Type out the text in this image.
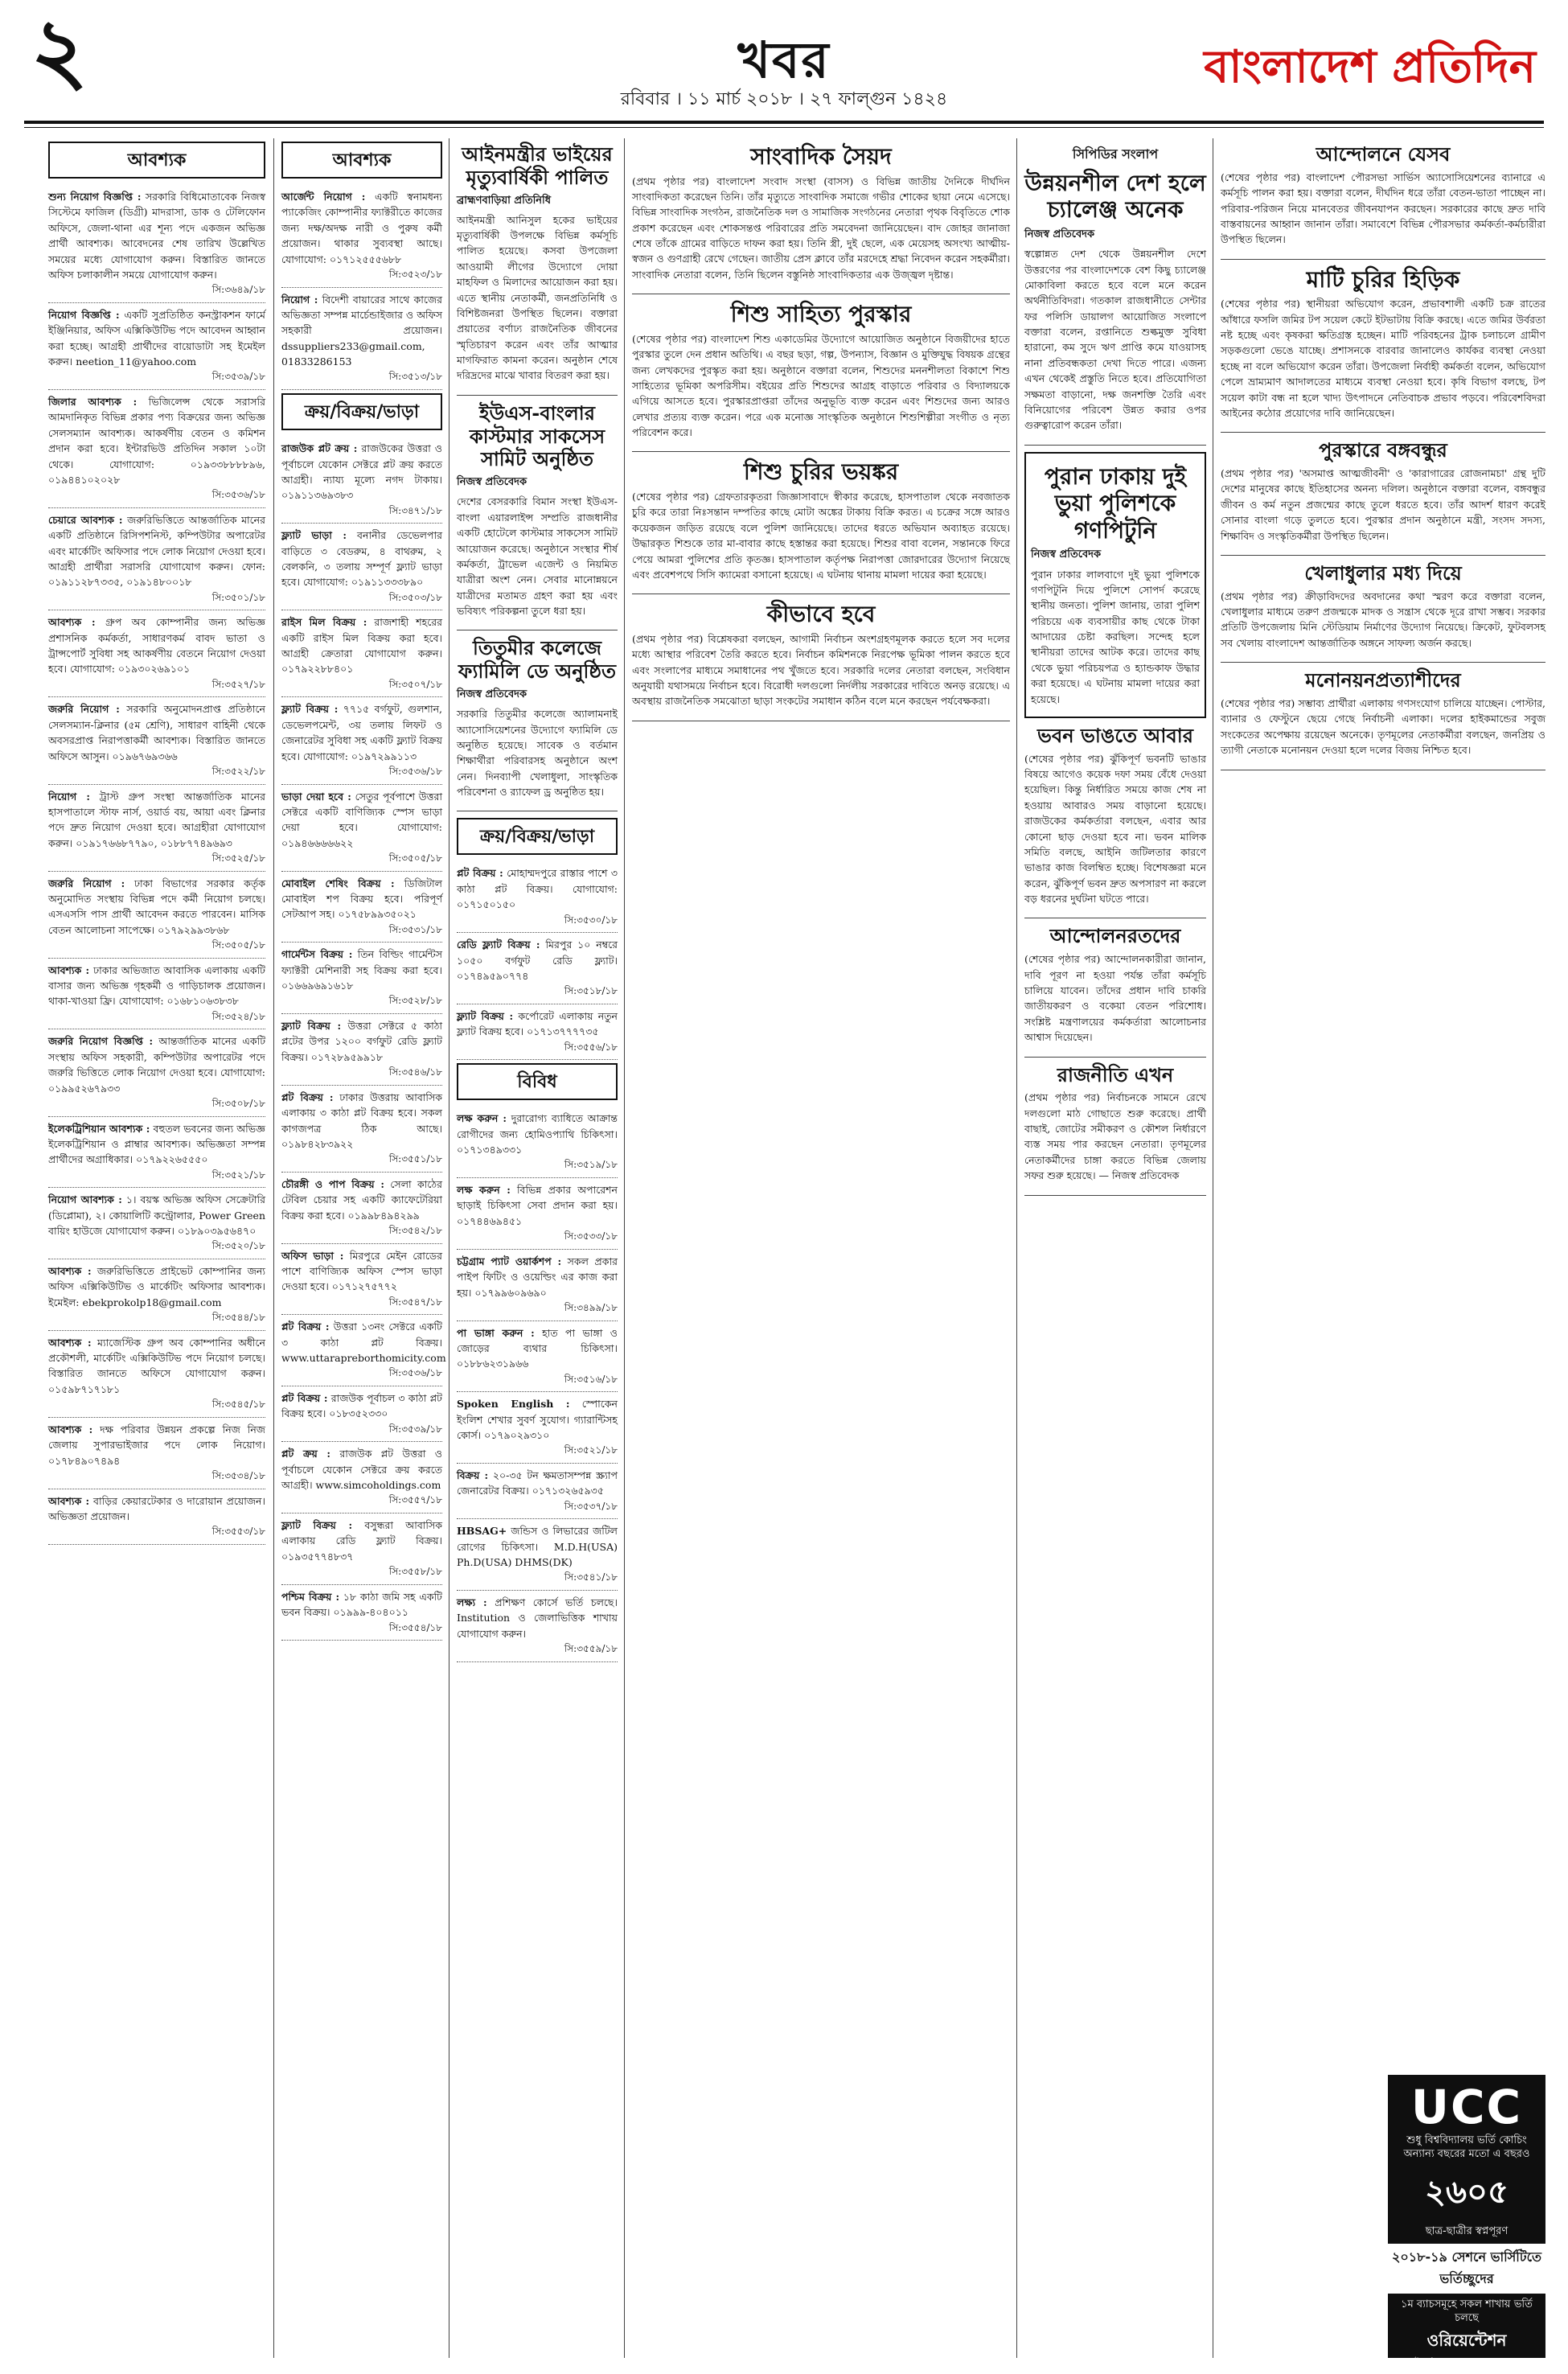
২	খবর
রবিবার । ১১ মার্চ ২০১৮ । ২৭ ফাল্গুন ১৪২৪
বাংলাদেশ প্রতিদিন
আবশ্যক
শুন্য নিয়োগ বিজ্ঞপ্তি : সরকারি বিধিমোতাবেক নিজস্ব সিস্টেমে ফাজিল (ডিগ্রী) মাদরাসা, ডাক ও টেলিফোন অফিসে, জেলা-থানা এর শূন্য পদে একজন অভিজ্ঞ প্রার্থী আবশ্যক। আবেদনের শেষ তারিখ উল্লেখিত সময়ের মধ্যে যোগাযোগ করুন। বিস্তারিত জানতে অফিস চলাকালীন সময়ে যোগাযোগ করুন।
সি:৩৬৪৯/১৮
নিয়োগ বিজ্ঞপ্তি : একটি সুপ্রতিষ্ঠিত কনস্ট্রাকশন ফার্মে ইঞ্জিনিয়ার, অফিস এক্সিকিউটিভ পদে আবেদন আহ্বান করা হচ্ছে। আগ্রহী প্রার্থীদের বায়োডাটা সহ ইমেইল করুন। neetion_11@yahoo.com
সি:৩৫৩৯/১৮
জিলার আবশ্যক : ভিজিলেন্স থেকে সরাসরি আমদানিকৃত বিভিন্ন প্রকার পণ্য বিক্রয়ের জন্য অভিজ্ঞ সেলসম্যান আবশ্যক। আকর্ষণীয় বেতন ও কমিশন প্রদান করা হবে। ইন্টারভিউ প্রতিদিন সকাল ১০টা থেকে। যোগাযোগ: ০১৯৩৩৮৮৮৮৯৬, ০১৯৪৪১০২০২৮
সি:৩৫৩৬/১৮
চেয়ারে আবশ্যক : জরুরিভিত্তিতে আন্তর্জাতিক মানের একটি প্রতিষ্ঠানে রিসিপশনিস্ট, কম্পিউটার অপারেটর এবং মার্কেটিং অফিসার পদে লোক নিয়োগ দেওয়া হবে। আগ্রহী প্রার্থীরা সরাসরি যোগাযোগ করুন। ফোন: ০১৯১১২৮৭৩৩৫, ০১৯১৪৮০০১৮
সি:৩৫০১/১৮
আবশ্যক : গ্রুপ অব কোম্পানীর জন্য অভিজ্ঞ প্রশাসনিক কর্মকর্তা, সাধারণকর্ম বাবদ ভাতা ও ট্রান্সপোর্ট সুবিধা সহ আকর্ষণীয় বেতনে নিয়োগ দেওয়া হবে। যোগাযোগ: ০১৯৩০২৬৯১০১
সি:৩৫২৭/১৮
জরুরি নিয়োগ : সরকারি অনুমোদনপ্রাপ্ত প্রতিষ্ঠানে সেলসম্যান-ক্লিনার (৫ম শ্রেণি), সাধারণ বাহিনী থেকে অবসরপ্রাপ্ত নিরাপত্তাকর্মী আবশ্যক। বিস্তারিত জানতে অফিসে আসুন। ০১৯৬৭৬৯৩৬৬
সি:৩৫২২/১৮
নিয়োগ : ট্রাস্ট গ্রুপ সংস্থা আন্তর্জাতিক মানের হাসপাতালে স্টাফ নার্স, ওয়ার্ড বয়, আয়া এবং ক্লিনার পদে দ্রুত নিয়োগ দেওয়া হবে। আগ্রহীরা যোগাযোগ করুন। ০১৯১৭৬৬৮৭৭৯০, ০১৮৮৭৭৪৯৬৯৩
সি:৩৫২৫/১৮
জরুরি নিয়োগ : ঢাকা বিভাগের সরকার কর্তৃক অনুমোদিত সংস্থায় বিভিন্ন পদে কর্মী নিয়োগ চলছে। এসএসসি পাস প্রার্থী আবেদন করতে পারবেন। মাসিক বেতন আলোচনা সাপেক্ষে। ০১৭৯২৯৯৩৮৬৮
সি:৩৫০৫/১৮
আবশ্যক : ঢাকার অভিজাত আবাসিক এলাকায় একটি বাসার জন্য অভিজ্ঞ গৃহকর্মী ও গাড়িচালক প্রয়োজন। থাকা-খাওয়া ফ্রি। যোগাযোগ: ০১৬৮১০৬৩৮৩৮
সি:৩৫২৪/১৮
জরুরি নিয়োগ বিজ্ঞপ্তি : আন্তর্জাতিক মানের একটি সংস্থায় অফিস সহকারী, কম্পিউটার অপারেটর পদে জরুরি ভিত্তিতে লোক নিয়োগ দেওয়া হবে। যোগাযোগ: ০১৯৯৫২৬৭৯৩৩
সি:৩৫০৮/১৮
ইলেকট্রিশিয়ান আবশ্যক : বহুতল ভবনের জন্য অভিজ্ঞ ইলেকট্রিশিয়ান ও প্লাম্বার আবশ্যক। অভিজ্ঞতা সম্পন্ন প্রার্থীদের অগ্রাধিকার। ০১৭৯২২৬৫৫৫০
সি:৩৫২১/১৮
নিয়োগ আবশ্যক : ১। বয়স্ক অভিজ্ঞ অফিস সেক্রেটারি (ডিপ্লোমা), ২। কোয়ালিটি কন্ট্রোলার, Power Green বায়িং হাউজে যোগাযোগ করুন। ০১৮৯০৩৯৫৬৪৭০
সি:৩৫২০/১৮
আবশ্যক : জরুরিভিত্তিতে প্রাইভেট কোম্পানির জন্য অফিস এক্সিকিউটিভ ও মার্কেটিং অফিসার আবশ্যক। ইমেইল: ebekprokolp18@gmail.com
সি:৩৫৪৪/১৮
আবশ্যক : ম্যাজেস্টিক গ্রুপ অব কোম্পানির অধীনে প্রকৌশলী, মার্কেটিং এক্সিকিউটিভ পদে নিয়োগ চলছে। বিস্তারিত জানতে অফিসে যোগাযোগ করুন। ০১৫৯৮৭১৭১৮১
সি:৩৫৪৫/১৮
আবশ্যক : দক্ষ পরিবার উন্নয়ন প্রকল্পে নিজ নিজ জেলায় সুপারভাইজার পদে লোক নিয়োগ। ০১৭৮৪৯০৭৪৯৪
সি:৩৫৩৪/১৮
আবশ্যক : বাড়ির কেয়ারটেকার ও দারোয়ান প্রয়োজন। অভিজ্ঞতা প্রয়োজন।
সি:৩৫৫৩/১৮
আবশ্যক
আর্জেন্ট নিয়োগ : একটি স্বনামধন্য প্যাকেজিং কোম্পানীর ফ্যাক্টরীতে কাজের জন্য দক্ষ/অদক্ষ নারী ও পুরুষ কর্মী প্রয়োজন। থাকার সুব্যবস্থা আছে। যোগাযোগ: ০১৭১২৫৫৫৬৮৮
সি:৩৫২৩/১৮
নিয়োগ : বিদেশী বায়ারের সাথে কাজের অভিজ্ঞতা সম্পন্ন মার্চেন্ডাইজার ও অফিস সহকারী প্রয়োজন। dssuppliers233@gmail.com, 01833286153
সি:৩৫১৩/১৮
ক্রয়/বিক্রয়/ভাড়া
রাজউক প্লট ক্রয় : রাজউকের উত্তরা ও পূর্বাচলে যেকোন সেক্টরে প্লট ক্রয় করতে আগ্রহী। ন্যায্য মূল্যে নগদ টাকায়। ০১৯১১৩৬৯৩৮৩
সি:৩৪৭১/১৮
ফ্ল্যাট ভাড়া : বনানীর ডেভেলপার বাড়িতে ৩ বেডরুম, ৪ বাথরুম, ২ বেলকনি, ৩ তলায় সম্পূর্ণ ফ্ল্যাট ভাড়া হবে। যোগাযোগ: ০১৯১১৩৩৩৮৯০
সি:৩৫০৩/১৮
রাইস মিল বিক্রয় : রাজশাহী শহরের একটি রাইস মিল বিক্রয় করা হবে। আগ্রহী ক্রেতারা যোগাযোগ করুন। ০১৭৯২২৮৮৪০১
সি:৩৫০৭/১৮
ফ্ল্যাট বিক্রয় : ৭৭১৫ বর্গফুট, গুলশান, ডেভেলপমেন্ট, ৩য় তলায় লিফট ও জেনারেটর সুবিধা সহ একটি ফ্ল্যাট বিক্রয় হবে। যোগাযোগ: ০১৯৭২৯৯১১৩
সি:৩৫৩৬/১৮
ভাড়া দেয়া হবে : সেতুর পূর্বপাশে উত্তরা সেক্টরে একটি বাণিজ্যিক স্পেস ভাড়া দেয়া হবে। যোগাযোগ: ০১৯৪৬৬৬৬৬২২
সি:৩৫০৫/১৮
মোবাইল শেষিং বিক্রয় : ডিজিটাল মোবাইল শপ বিক্রয় হবে। পরিপূর্ণ সেটআপ সহ। ০১৭৫৮৯৯৩৫০২১
সি:৩৫৩১/১৮
গার্মেন্টস বিক্রয় : তিন বিল্ডিং গার্মেন্টস ফ্যাক্টরী মেশিনারী সহ বিক্রয় করা হবে। ০১৬৬৯৬৯১৬১৮
সি:৩৫২৮/১৮
ফ্ল্যাট বিক্রয় : উত্তরা সেক্টরে ৫ কাঠা প্লটের উপর ১২০০ বর্গফুট রেডি ফ্ল্যাট বিক্রয়। ০১৭২৮৯৫৯৯১৮
সি:৩৫৪৬/১৮
প্লট বিক্রয় : ঢাকার উত্তরায় আবাসিক এলাকায় ৩ কাঠা প্লট বিক্রয় হবে। সকল কাগজপত্র ঠিক আছে। ০১৯৮৪২৮৩৯২২
সি:৩৫৫১/১৮
চৌরঙ্গী ও পাপ বিক্রয় : সেলা কাঠের টেবিল চেয়ার সহ একটি ক্যাফেটেরিয়া বিক্রয় করা হবে। ০১৯৯৮৪৯৪২৯৯
সি:৩৫৪২/১৮
অফিস ভাড়া : মিরপুরে মেইন রোডের পাশে বাণিজ্যিক অফিস স্পেস ভাড়া দেওয়া হবে। ০১৭১২৭৫৭৭২
সি:৩৫৪৭/১৮
প্লট বিক্রয় : উত্তরা ১৩নং সেক্টরে একটি ৩ কাঠা প্লট বিক্রয়। www.uttarapreborthomicity.com
সি:৩৫৩৬/১৮
প্লট বিক্রয় : রাজউক পূর্বাচল ৩ কাঠা প্লট বিক্রয় হবে। ০১৮৩৫২৩৩০
সি:৩৫৩৯/১৮
প্লট ক্রয় : রাজউক প্লট উত্তরা ও পূর্বাচলে যেকোন সেক্টরে ক্রয় করতে আগ্রহী। www.simcoholdings.com
সি:৩৫৫৭/১৮
ফ্ল্যাট বিক্রয় : বসুন্ধরা আবাসিক এলাকায় রেডি ফ্ল্যাট বিক্রয়। ০১৯৩৫৭৭৪৮৩৭
সি:৩৫৫৮/১৮
পশ্চিম বিক্রয় : ১৮ কাঠা জমি সহ একটি ভবন বিক্রয়। ০১৯৯৯-৪০৪০১১
সি:৩৫৫৪/১৮
আইনমন্ত্রীর ভাইয়ের মৃত্যুবার্ষিকী পালিত
ব্রাহ্মণবাড়িয়া প্রতিনিধি

আইনমন্ত্রী আনিসুল হকের ভাইয়ের মৃত্যুবার্ষিকী উপলক্ষে বিভিন্ন কর্মসূচি পালিত হয়েছে। কসবা উপজেলা আওয়ামী লীগের উদ্যোগে দোয়া মাহফিল ও মিলাদের আয়োজন করা হয়। এতে স্থানীয় নেতাকর্মী, জনপ্রতিনিধি ও বিশিষ্টজনরা উপস্থিত ছিলেন। বক্তারা প্রয়াতের বর্ণাঢ্য রাজনৈতিক জীবনের স্মৃতিচারণ করেন এবং তাঁর আত্মার মাগফিরাত কামনা করেন। অনুষ্ঠান শেষে দরিদ্রদের মাঝে খাবার বিতরণ করা হয়।

ইউএস-বাংলার কাস্টমার সাকসেস সামিট অনুষ্ঠিত
নিজস্ব প্রতিবেদক

দেশের বেসরকারি বিমান সংস্থা ইউএস-বাংলা এয়ারলাইন্স সম্প্রতি রাজধানীর একটি হোটেলে কাস্টমার সাকসেস সামিট আয়োজন করেছে। অনুষ্ঠানে সংস্থার শীর্ষ কর্মকর্তা, ট্রাভেল এজেন্ট ও নিয়মিত যাত্রীরা অংশ নেন। সেবার মানোন্নয়নে যাত্রীদের মতামত গ্রহণ করা হয় এবং ভবিষ্যৎ পরিকল্পনা তুলে ধরা হয়।

তিতুমীর কলেজে ফ্যামিলি ডে অনুষ্ঠিত
নিজস্ব প্রতিবেদক

সরকারি তিতুমীর কলেজে অ্যালামনাই অ্যাসোসিয়েশনের উদ্যোগে ফ্যামিলি ডে অনুষ্ঠিত হয়েছে। সাবেক ও বর্তমান শিক্ষার্থীরা পরিবারসহ অনুষ্ঠানে অংশ নেন। দিনব্যাপী খেলাধুলা, সাংস্কৃতিক পরিবেশনা ও র‌্যাফেল ড্র অনুষ্ঠিত হয়।

ক্রয়/বিক্রয়/ভাড়া
প্লট বিক্রয় : মোহাম্মদপুরে রাস্তার পাশে ৩ কাঠা প্লট বিক্রয়। যোগাযোগ: ০১৭১৫০১৫০
সি:৩৫৩০/১৮
রেডি ফ্ল্যাট বিক্রয় : মিরপুর ১০ নম্বরে ১০৫০ বর্গফুট রেডি ফ্ল্যাট। ০১৭৪৯৫৯০৭৭৪
সি:৩৫১৮/১৮
ফ্ল্যাট বিক্রয় : কর্পোরেট এলাকায় নতুন ফ্ল্যাট বিক্রয় হবে। ০১৭১৩৭৭৭৭৩৫
সি:৩৫৫৬/১৮
বিবিধ
লক্ষ করুন : দুরারোগ্য ব্যাধিতে আক্রান্ত রোগীদের জন্য হোমিওপ্যাথি চিকিৎসা। ০১৭১৩৪৯৩৩১
সি:৩৫১৯/১৮
লক্ষ করুন : বিভিন্ন প্রকার অপারেশন ছাড়াই চিকিৎসা সেবা প্রদান করা হয়। ০১৭৪৪৬৯৪৫১
সি:৩৫৩৩/১৮
চট্টগ্রাম প্যাট ওয়ার্কশপ : সকল প্রকার পাইপ ফিটিং ও ওয়েল্ডিং এর কাজ করা হয়। ০১৭৯৯৬০৯৬৯০
সি:৩৪৯৯/১৮
পা ভাঙ্গা করুন : হাত পা ভাঙ্গা ও জোড়ের ব্যথার চিকিৎসা। ০১৮৮৬২৩১৯৬৬
সি:৩৫১৬/১৮
Spoken English : স্পোকেন ইংলিশ শেখার সুবর্ণ সুযোগ। গ্যারান্টিসহ কোর্স। ০১৭৯০২৯৩১০
সি:৩৫২১/১৮
বিক্রয় : ২০-৩৫ টন ক্ষমতাসম্পন্ন স্ক্র্যাপ জেনারেটর বিক্রয়। ০১৭১৩২৬৫৯৩৫
সি:৩৫৩৭/১৮
HBSAG+ জন্ডিস ও লিভারের জটিল রোগের চিকিৎসা। M.D.H(USA) Ph.D(USA) DHMS(DK)
সি:৩৫৪১/১৮
লক্ষ্য : প্রশিক্ষণ কোর্সে ভর্তি চলছে। Institution ও জেলাভিত্তিক শাখায় যোগাযোগ করুন।
সি:৩৫৫৯/১৮
সাংবাদিক সৈয়দ

(প্রথম পৃষ্ঠার পর) বাংলাদেশ সংবাদ সংস্থা (বাসস) ও বিভিন্ন জাতীয় দৈনিকে দীর্ঘদিন সাংবাদিকতা করেছেন তিনি। তাঁর মৃত্যুতে সাংবাদিক সমাজে গভীর শোকের ছায়া নেমে এসেছে। বিভিন্ন সাংবাদিক সংগঠন, রাজনৈতিক দল ও সামাজিক সংগঠনের নেতারা পৃথক বিবৃতিতে শোক প্রকাশ করেছেন এবং শোকসন্তপ্ত পরিবারের প্রতি সমবেদনা জানিয়েছেন। বাদ জোহর জানাজা শেষে তাঁকে গ্রামের বাড়িতে দাফন করা হয়। তিনি স্ত্রী, দুই ছেলে, এক মেয়েসহ অসংখ্য আত্মীয়-স্বজন ও গুণগ্রাহী রেখে গেছেন। জাতীয় প্রেস ক্লাবে তাঁর মরদেহে শ্রদ্ধা নিবেদন করেন সহকর্মীরা। সাংবাদিক নেতারা বলেন, তিনি ছিলেন বস্তুনিষ্ঠ সাংবাদিকতার এক উজ্জ্বল দৃষ্টান্ত।

শিশু সাহিত্য পুরস্কার

(শেষের পৃষ্ঠার পর) বাংলাদেশ শিশু একাডেমির উদ্যোগে আয়োজিত অনুষ্ঠানে বিজয়ীদের হাতে পুরস্কার তুলে দেন প্রধান অতিথি। এ বছর ছড়া, গল্প, উপন্যাস, বিজ্ঞান ও মুক্তিযুদ্ধ বিষয়ক গ্রন্থের জন্য লেখকদের পুরস্কৃত করা হয়। অনুষ্ঠানে বক্তারা বলেন, শিশুদের মননশীলতা বিকাশে শিশু সাহিত্যের ভূমিকা অপরিসীম। বইয়ের প্রতি শিশুদের আগ্রহ বাড়াতে পরিবার ও বিদ্যালয়কে এগিয়ে আসতে হবে। পুরস্কারপ্রাপ্তরা তাঁদের অনুভূতি ব্যক্ত করেন এবং শিশুদের জন্য আরও লেখার প্রত্যয় ব্যক্ত করেন। পরে এক মনোজ্ঞ সাংস্কৃতিক অনুষ্ঠানে শিশুশিল্পীরা সংগীত ও নৃত্য পরিবেশন করে।

শিশু চুরির ভয়ঙ্কর

(শেষের পৃষ্ঠার পর) গ্রেফতারকৃতরা জিজ্ঞাসাবাদে স্বীকার করেছে, হাসপাতাল থেকে নবজাতক চুরি করে তারা নিঃসন্তান দম্পতির কাছে মোটা অঙ্কের টাকায় বিক্রি করত। এ চক্রের সঙ্গে আরও কয়েকজন জড়িত রয়েছে বলে পুলিশ জানিয়েছে। তাদের ধরতে অভিযান অব্যাহত রয়েছে। উদ্ধারকৃত শিশুকে তার মা-বাবার কাছে হস্তান্তর করা হয়েছে। শিশুর বাবা বলেন, সন্তানকে ফিরে পেয়ে আমরা পুলিশের প্রতি কৃতজ্ঞ। হাসপাতাল কর্তৃপক্ষ নিরাপত্তা জোরদারের উদ্যোগ নিয়েছে এবং প্রবেশপথে সিসি ক্যামেরা বসানো হয়েছে। এ ঘটনায় থানায় মামলা দায়ের করা হয়েছে।

কীভাবে হবে

(প্রথম পৃষ্ঠার পর) বিশ্লেষকরা বলছেন, আগামী নির্বাচন অংশগ্রহণমূলক করতে হলে সব দলের মধ্যে আস্থার পরিবেশ তৈরি করতে হবে। নির্বাচন কমিশনকে নিরপেক্ষ ভূমিকা পালন করতে হবে এবং সংলাপের মাধ্যমে সমাধানের পথ খুঁজতে হবে। সরকারি দলের নেতারা বলছেন, সংবিধান অনুযায়ী যথাসময়ে নির্বাচন হবে। বিরোধী দলগুলো নির্দলীয় সরকারের দাবিতে অনড় রয়েছে। এ অবস্থায় রাজনৈতিক সমঝোতা ছাড়া সংকটের সমাধান কঠিন বলে মনে করছেন পর্যবেক্ষকরা।

সিপিডির সংলাপ
উন্নয়নশীল দেশ হলে চ্যালেঞ্জ অনেক
নিজস্ব প্রতিবেদক

স্বল্পোন্নত দেশ থেকে উন্নয়নশীল দেশে উত্তরণের পর বাংলাদেশকে বেশ কিছু চ্যালেঞ্জ মোকাবিলা করতে হবে বলে মনে করেন অর্থনীতিবিদরা। গতকাল রাজধানীতে সেন্টার ফর পলিসি ডায়ালগ আয়োজিত সংলাপে বক্তারা বলেন, রপ্তানিতে শুল্কমুক্ত সুবিধা হারানো, কম সুদে ঋণ প্রাপ্তি কমে যাওয়াসহ নানা প্রতিবন্ধকতা দেখা দিতে পারে। এজন্য এখন থেকেই প্রস্তুতি নিতে হবে। প্রতিযোগিতা সক্ষমতা বাড়ানো, দক্ষ জনশক্তি তৈরি এবং বিনিয়োগের পরিবেশ উন্নত করার ওপর গুরুত্বারোপ করেন তাঁরা।

পুরান ঢাকায় দুই ভুয়া পুলিশকে গণপিটুনি
নিজস্ব প্রতিবেদক

পুরান ঢাকার লালবাগে দুই ভুয়া পুলিশকে গণপিটুনি দিয়ে পুলিশে সোপর্দ করেছে স্থানীয় জনতা। পুলিশ জানায়, তারা পুলিশ পরিচয়ে এক ব্যবসায়ীর কাছ থেকে টাকা আদায়ের চেষ্টা করছিল। সন্দেহ হলে স্থানীয়রা তাদের আটক করে। তাদের কাছ থেকে ভুয়া পরিচয়পত্র ও হ্যান্ডকাফ উদ্ধার করা হয়েছে। এ ঘটনায় মামলা দায়ের করা হয়েছে।

ভবন ভাঙতে আবার

(শেষের পৃষ্ঠার পর) ঝুঁকিপূর্ণ ভবনটি ভাঙার বিষয়ে আগেও কয়েক দফা সময় বেঁধে দেওয়া হয়েছিল। কিন্তু নির্ধারিত সময়ে কাজ শেষ না হওয়ায় আবারও সময় বাড়ানো হয়েছে। রাজউকের কর্মকর্তারা বলছেন, এবার আর কোনো ছাড় দেওয়া হবে না। ভবন মালিক সমিতি বলছে, আইনি জটিলতার কারণে ভাঙার কাজ বিলম্বিত হচ্ছে। বিশেষজ্ঞরা মনে করেন, ঝুঁকিপূর্ণ ভবন দ্রুত অপসারণ না করলে বড় ধরনের দুর্ঘটনা ঘটতে পারে।

আন্দোলনরতদের

(শেষের পৃষ্ঠার পর) আন্দোলনকারীরা জানান, দাবি পূরণ না হওয়া পর্যন্ত তাঁরা কর্মসূচি চালিয়ে যাবেন। তাঁদের প্রধান দাবি চাকরি জাতীয়করণ ও বকেয়া বেতন পরিশোধ। সংশ্লিষ্ট মন্ত্রণালয়ের কর্মকর্তারা আলোচনার আশ্বাস দিয়েছেন।

রাজনীতি এখন

(প্রথম পৃষ্ঠার পর) নির্বাচনকে সামনে রেখে দলগুলো মাঠ গোছাতে শুরু করেছে। প্রার্থী বাছাই, জোটের সমীকরণ ও কৌশল নির্ধারণে ব্যস্ত সময় পার করছেন নেতারা। তৃণমূলের নেতাকর্মীদের চাঙ্গা করতে বিভিন্ন জেলায় সফর শুরু হয়েছে। — নিজস্ব প্রতিবেদক

আন্দোলনে যেসব

(শেষের পৃষ্ঠার পর) বাংলাদেশ পৌরসভা সার্ভিস অ্যাসোসিয়েশনের ব্যানারে এ কর্মসূচি পালন করা হয়। বক্তারা বলেন, দীর্ঘদিন ধরে তাঁরা বেতন-ভাতা পাচ্ছেন না। পরিবার-পরিজন নিয়ে মানবেতর জীবনযাপন করছেন। সরকারের কাছে দ্রুত দাবি বাস্তবায়নের আহ্বান জানান তাঁরা। সমাবেশে বিভিন্ন পৌরসভার কর্মকর্তা-কর্মচারীরা উপস্থিত ছিলেন।

মাটি চুরির হিড়িক

(শেষের পৃষ্ঠার পর) স্থানীয়রা অভিযোগ করেন, প্রভাবশালী একটি চক্র রাতের আঁধারে ফসলি জমির টপ সয়েল কেটে ইটভাটায় বিক্রি করছে। এতে জমির উর্বরতা নষ্ট হচ্ছে এবং কৃষকরা ক্ষতিগ্রস্ত হচ্ছেন। মাটি পরিবহনের ট্রাক চলাচলে গ্রামীণ সড়কগুলো ভেঙে যাচ্ছে। প্রশাসনকে বারবার জানালেও কার্যকর ব্যবস্থা নেওয়া হচ্ছে না বলে অভিযোগ করেন তাঁরা। উপজেলা নির্বাহী কর্মকর্তা বলেন, অভিযোগ পেলে ভ্রাম্যমাণ আদালতের মাধ্যমে ব্যবস্থা নেওয়া হবে। কৃষি বিভাগ বলছে, টপ সয়েল কাটা বন্ধ না হলে খাদ্য উৎপাদনে নেতিবাচক প্রভাব পড়বে। পরিবেশবিদরা আইনের কঠোর প্রয়োগের দাবি জানিয়েছেন।

পুরস্কারে বঙ্গবন্ধুর

(প্রথম পৃষ্ঠার পর) 'অসমাপ্ত আত্মজীবনী' ও 'কারাগারের রোজনামচা' গ্রন্থ দুটি দেশের মানুষের কাছে ইতিহাসের অনন্য দলিল। অনুষ্ঠানে বক্তারা বলেন, বঙ্গবন্ধুর জীবন ও কর্ম নতুন প্রজন্মের কাছে তুলে ধরতে হবে। তাঁর আদর্শ ধারণ করেই সোনার বাংলা গড়ে তুলতে হবে। পুরস্কার প্রদান অনুষ্ঠানে মন্ত্রী, সংসদ সদস্য, শিক্ষাবিদ ও সংস্কৃতিকর্মীরা উপস্থিত ছিলেন।

খেলাধুলার মধ্য দিয়ে

(প্রথম পৃষ্ঠার পর) ক্রীড়াবিদদের অবদানের কথা স্মরণ করে বক্তারা বলেন, খেলাধুলার মাধ্যমে তরুণ প্রজন্মকে মাদক ও সন্ত্রাস থেকে দূরে রাখা সম্ভব। সরকার প্রতিটি উপজেলায় মিনি স্টেডিয়াম নির্মাণের উদ্যোগ নিয়েছে। ক্রিকেট, ফুটবলসহ সব খেলায় বাংলাদেশ আন্তর্জাতিক অঙ্গনে সাফল্য অর্জন করছে।

মনোনয়নপ্রত্যাশীদের

(শেষের পৃষ্ঠার পর) সম্ভাব্য প্রার্থীরা এলাকায় গণসংযোগ চালিয়ে যাচ্ছেন। পোস্টার, ব্যানার ও ফেস্টুনে ছেয়ে গেছে নির্বাচনী এলাকা। দলের হাইকমান্ডের সবুজ সংকেতের অপেক্ষায় রয়েছেন অনেকে। তৃণমূলের নেতাকর্মীরা বলছেন, জনপ্রিয় ও ত্যাগী নেতাকে মনোনয়ন দেওয়া হলে দলের বিজয় নিশ্চিত হবে।

UCC
শুধু বিশ্ববিদ্যালয় ভর্তি কোচিং
অন্যান্য বছরের মতো এ বছরও
২৬০৫
ছাত্র-ছাত্রীর স্বপ্নপূরণ
২০১৮-১৯ সেশনে ভার্সিটিতে ভর্তিচ্ছুদের
১ম ব্যাচসমূহে সকল শাখায় ভর্তি চলছে
ওরিয়েন্টেশন
হট লাইন: 01847066362-71
